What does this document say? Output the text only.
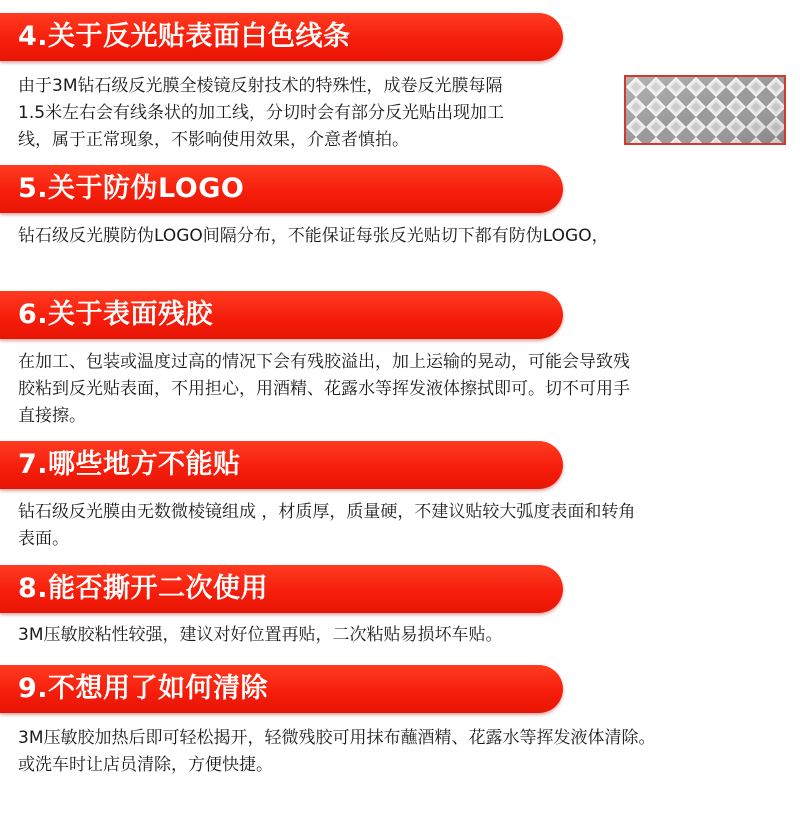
4.关于反光贴表面白色线条
由于3M钻石级反光膜全棱镜反射技术的特殊性，成卷反光膜每隔
1.5米左右会有线条状的加工线，分切时会有部分反光贴出现加工
线，属于正常现象，不影响使用效果，介意者慎拍。
5.关于防伪LOGO
钻石级反光膜防伪LOGO间隔分布，不能保证每张反光贴切下都有防伪LOGO，
6.关于表面残胶
在加工、包装或温度过高的情况下会有残胶溢出，加上运输的晃动，可能会导致残
胶粘到反光贴表面，不用担心，用酒精、花露水等挥发液体擦拭即可。切不可用手
直接擦。
7.哪些地方不能贴
钻石级反光膜由无数微棱镜组成 ，材质厚，质量硬，不建议贴较大弧度表面和转角
表面。
8.能否撕开二次使用
3M压敏胶粘性较强，建议对好位置再贴，二次粘贴易损坏车贴。
9.不想用了如何清除
3M压敏胶加热后即可轻松揭开，轻微残胶可用抹布蘸酒精、花露水等挥发液体清除。
或洗车时让店员清除，方便快捷。
